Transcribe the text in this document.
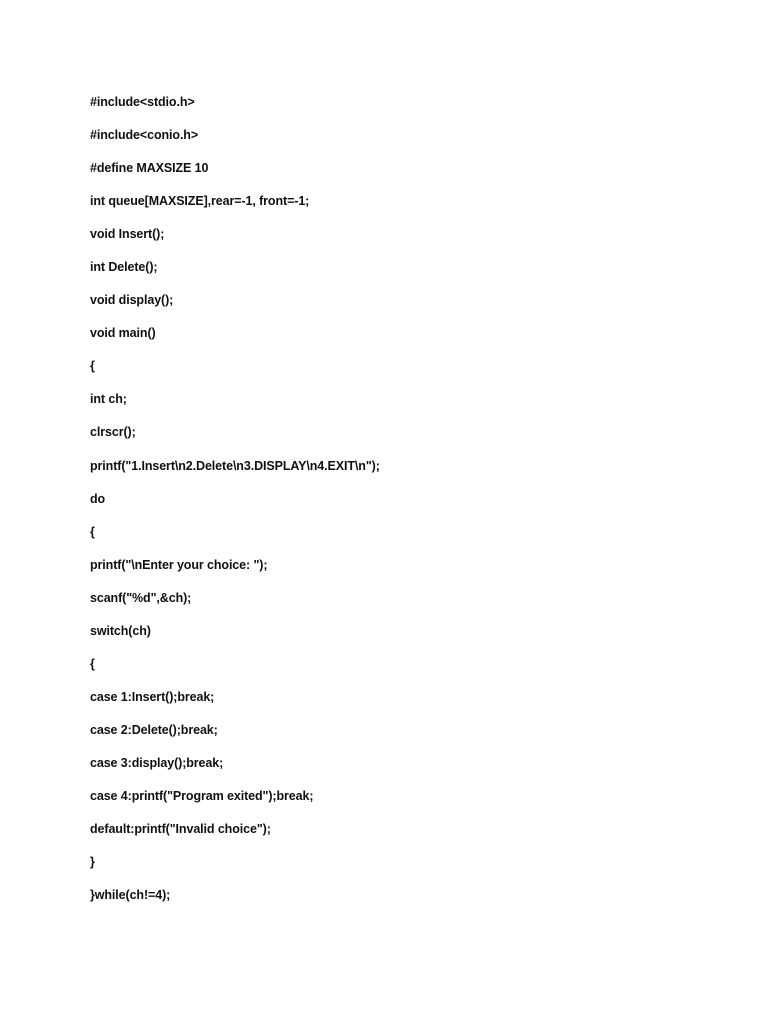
#include<stdio.h>
#include<conio.h>
#define MAXSIZE 10
int queue[MAXSIZE],rear=-1, front=-1;
void Insert();
int Delete();
void display();
void main()
{
int ch;
clrscr();
printf("1.Insert\n2.Delete\n3.DISPLAY\n4.EXIT\n");
do
{
printf("\nEnter your choice: ");
scanf("%d",&ch);
switch(ch)
{
case 1:Insert();break;
case 2:Delete();break;
case 3:display();break;
case 4:printf("Program exited");break;
default:printf("Invalid choice");
}
}while(ch!=4);
